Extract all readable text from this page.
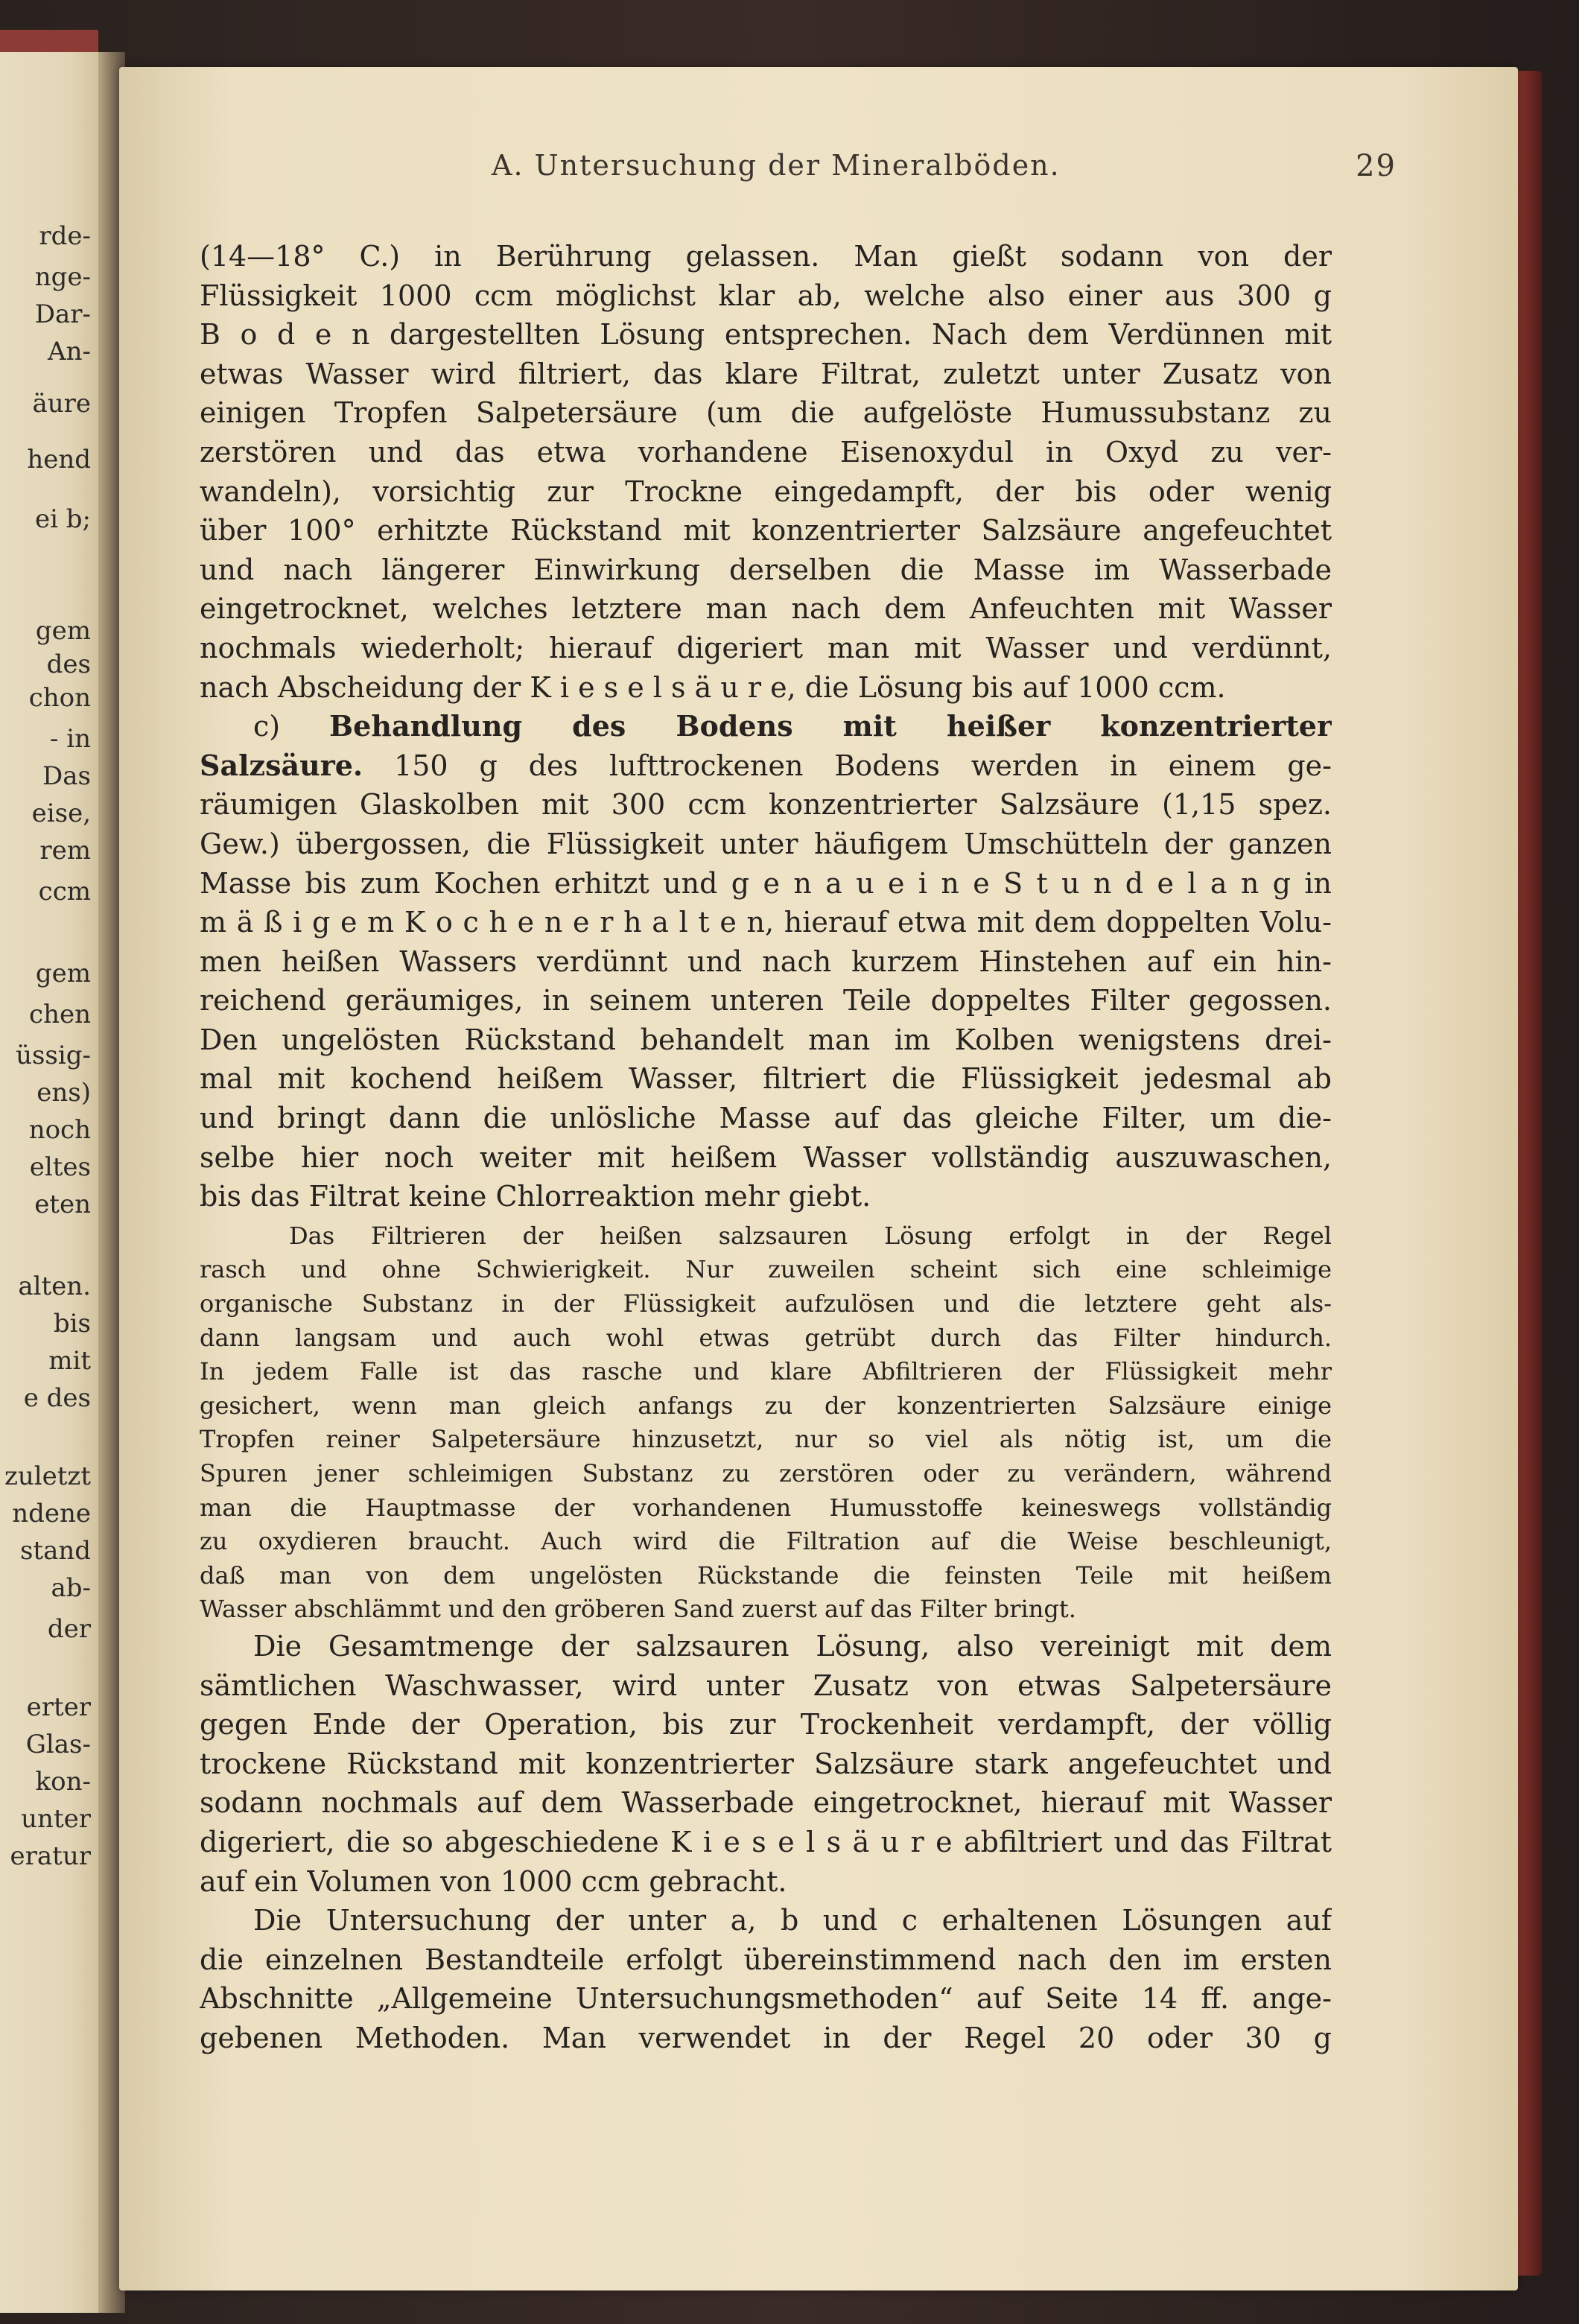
rde-
nge-
Dar-
An-
äure
hend
ei b;
gem
des
chon
- in
Das
eise,
rem
ccm
gem
chen
üssig-
ens)
noch
eltes
eten
alten.
bis
mit
e des
zuletzt
ndene
stand
ab-
der
erter
Glas-
kon-
unter
eratur
A. Untersuchung der Mineralböden.	29
(14—18° C.) in Berührung gelassen. Man gießt sodann von der
Flüssigkeit 1000 ccm möglichst klar ab, welche also einer aus 300 g
B o d e n dargestellten Lösung entsprechen. Nach dem Verdünnen mit
etwas Wasser wird filtriert, das klare Filtrat, zuletzt unter Zusatz von
einigen Tropfen Salpetersäure (um die aufgelöste Humussubstanz zu
zerstören und das etwa vorhandene Eisenoxydul in Oxyd zu ver-
wandeln), vorsichtig zur Trockne eingedampft, der bis oder wenig
über 100° erhitzte Rückstand mit konzentrierter Salzsäure angefeuchtet
und nach längerer Einwirkung derselben die Masse im Wasserbade
eingetrocknet, welches letztere man nach dem Anfeuchten mit Wasser
nochmals wiederholt; hierauf digeriert man mit Wasser und verdünnt,
nach Abscheidung der K i e s e l s ä u r e, die Lösung bis auf 1000 ccm.
c) Behandlung des Bodens mit heißer konzentrierter
Salzsäure. 150 g des lufttrockenen Bodens werden in einem ge-
räumigen Glaskolben mit 300 ccm konzentrierter Salzsäure (1,15 spez.
Gew.) übergossen, die Flüssigkeit unter häufigem Umschütteln der ganzen
Masse bis zum Kochen erhitzt und g e n a u e i n e S t u n d e l a n g in
m ä ß i g e m K o c h e n e r h a l t e n, hierauf etwa mit dem doppelten Volu-
men heißen Wassers verdünnt und nach kurzem Hinstehen auf ein hin-
reichend geräumiges, in seinem unteren Teile doppeltes Filter gegossen.
Den ungelösten Rückstand behandelt man im Kolben wenigstens drei-
mal mit kochend heißem Wasser, filtriert die Flüssigkeit jedesmal ab
und bringt dann die unlösliche Masse auf das gleiche Filter, um die-
selbe hier noch weiter mit heißem Wasser vollständig auszuwaschen,
bis das Filtrat keine Chlorreaktion mehr giebt.
Das Filtrieren der heißen salzsauren Lösung erfolgt in der Regel
rasch und ohne Schwierigkeit. Nur zuweilen scheint sich eine schleimige
organische Substanz in der Flüssigkeit aufzulösen und die letztere geht als-
dann langsam und auch wohl etwas getrübt durch das Filter hindurch.
In jedem Falle ist das rasche und klare Abfiltrieren der Flüssigkeit mehr
gesichert, wenn man gleich anfangs zu der konzentrierten Salzsäure einige
Tropfen reiner Salpetersäure hinzusetzt, nur so viel als nötig ist, um die
Spuren jener schleimigen Substanz zu zerstören oder zu verändern, während
man die Hauptmasse der vorhandenen Humusstoffe keineswegs vollständig
zu oxydieren braucht. Auch wird die Filtration auf die Weise beschleunigt,
daß man von dem ungelösten Rückstande die feinsten Teile mit heißem
Wasser abschlämmt und den gröberen Sand zuerst auf das Filter bringt.
Die Gesamtmenge der salzsauren Lösung, also vereinigt mit dem
sämtlichen Waschwasser, wird unter Zusatz von etwas Salpetersäure
gegen Ende der Operation, bis zur Trockenheit verdampft, der völlig
trockene Rückstand mit konzentrierter Salzsäure stark angefeuchtet und
sodann nochmals auf dem Wasserbade eingetrocknet, hierauf mit Wasser
digeriert, die so abgeschiedene K i e s e l s ä u r e abfiltriert und das Filtrat
auf ein Volumen von 1000 ccm gebracht.
Die Untersuchung der unter a, b und c erhaltenen Lösungen auf
die einzelnen Bestandteile erfolgt übereinstimmend nach den im ersten
Abschnitte „Allgemeine Untersuchungsmethoden“ auf Seite 14 ff. ange-
gebenen Methoden. Man verwendet in der Regel 20 oder 30 g
